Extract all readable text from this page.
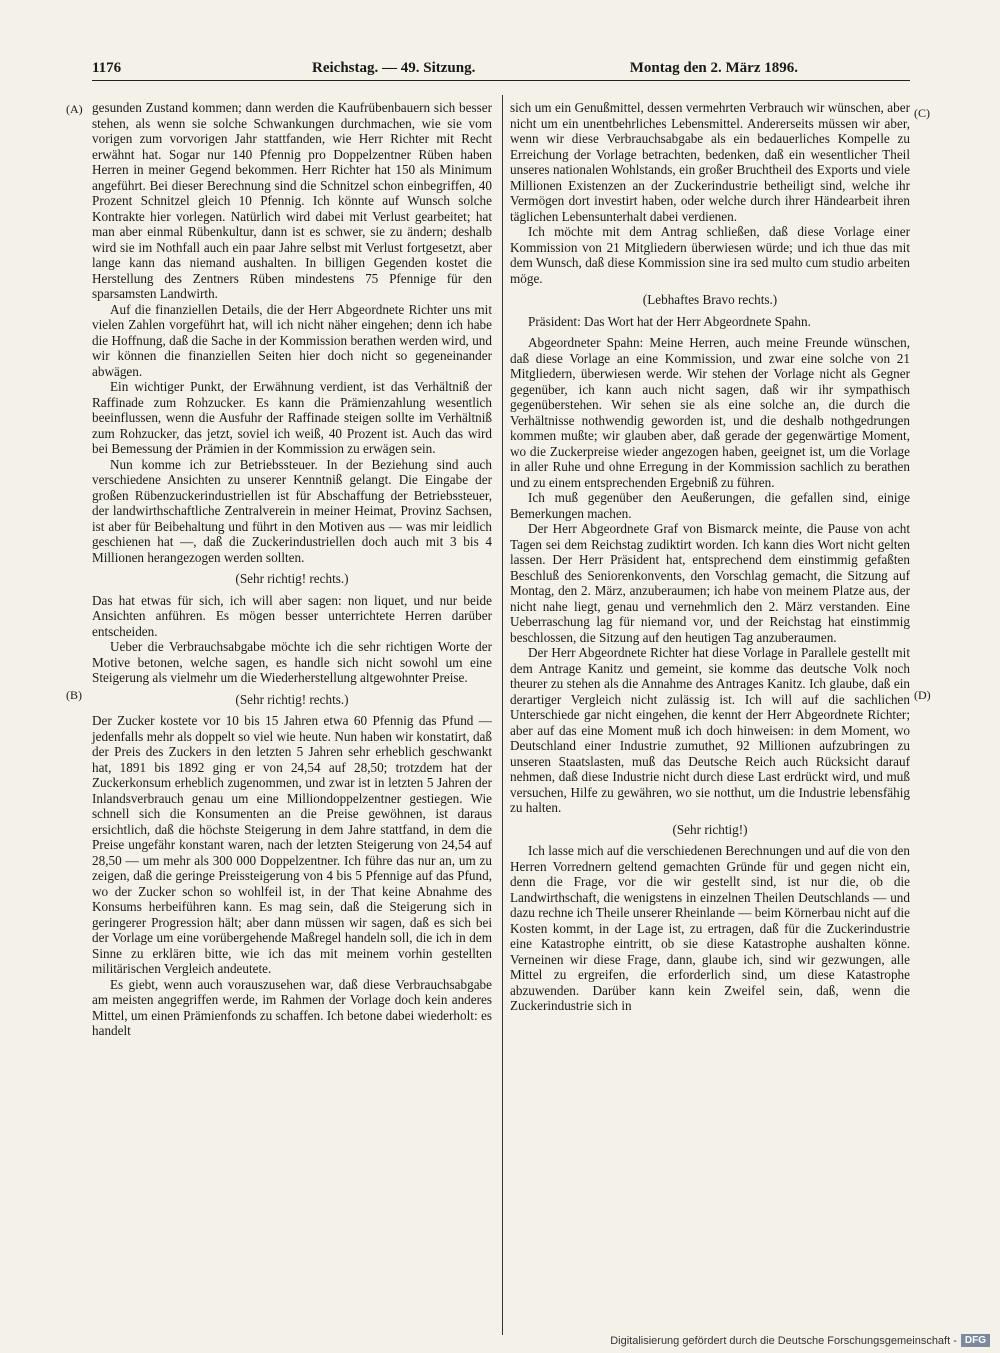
1176	Reichstag. — 49. Sitzung.	Montag den 2. März 1896.
(A)
(B)
(C)
(D)

gesunden Zustand kommen; dann werden die Kaufrübenbauern sich besser stehen, als wenn sie solche Schwankungen durchmachen, wie sie vom vorigen zum vorvorigen Jahr stattfanden, wie Herr Richter mit Recht erwähnt hat. Sogar nur 140 Pfennig pro Doppelzentner Rüben haben Herren in meiner Gegend bekommen. Herr Richter hat 150 als Minimum angeführt. Bei dieser Berechnung sind die Schnitzel schon einbegriffen, 40 Prozent Schnitzel gleich 10 Pfennig. Ich könnte auf Wunsch solche Kontrakte hier vorlegen. Natürlich wird dabei mit Verlust gearbeitet; hat man aber einmal Rübenkultur, dann ist es schwer, sie zu ändern; deshalb wird sie im Nothfall auch ein paar Jahre selbst mit Verlust fortgesetzt, aber lange kann das niemand aushalten. In billigen Gegenden kostet die Herstellung des Zentners Rüben mindestens 75 Pfennige für den sparsamsten Landwirth.

Auf die finanziellen Details, die der Herr Abgeordnete Richter uns mit vielen Zahlen vorgeführt hat, will ich nicht näher eingehen; denn ich habe die Hoffnung, daß die Sache in der Kommission berathen werden wird, und wir können die finanziellen Seiten hier doch nicht so gegeneinander abwägen.

Ein wichtiger Punkt, der Erwähnung verdient, ist das Verhältniß der Raffinade zum Rohzucker. Es kann die Prämienzahlung wesentlich beeinflussen, wenn die Ausfuhr der Raffinade steigen sollte im Verhältniß zum Rohzucker, das jetzt, soviel ich weiß, 40 Prozent ist. Auch das wird bei Bemessung der Prämien in der Kommission zu erwägen sein.

Nun komme ich zur Betriebssteuer. In der Beziehung sind auch verschiedene Ansichten zu unserer Kenntniß gelangt. Die Eingabe der großen Rübenzuckerindustriellen ist für Abschaffung der Betriebssteuer, der landwirthschaftliche Zentralverein in meiner Heimat, Provinz Sachsen, ist aber für Beibehaltung und führt in den Motiven aus — was mir leidlich geschienen hat —, daß die Zuckerindustriellen doch auch mit 3 bis 4 Millionen herangezogen werden sollten.

(Sehr richtig! rechts.)

Das hat etwas für sich, ich will aber sagen: non liquet, und nur beide Ansichten anführen. Es mögen besser unterrichtete Herren darüber entscheiden.

Ueber die Verbrauchsabgabe möchte ich die sehr richtigen Worte der Motive betonen, welche sagen, es handle sich nicht sowohl um eine Steigerung als vielmehr um die Wiederherstellung altgewohnter Preise.

(Sehr richtig! rechts.)

Der Zucker kostete vor 10 bis 15 Jahren etwa 60 Pfennig das Pfund — jedenfalls mehr als doppelt so viel wie heute. Nun haben wir konstatirt, daß der Preis des Zuckers in den letzten 5 Jahren sehr erheblich geschwankt hat, 1891 bis 1892 ging er von 24,54 auf 28,50; trotzdem hat der Zuckerkonsum erheblich zugenommen, und zwar ist in letzten 5 Jahren der Inlandsverbrauch genau um eine Milliondoppelzentner gestiegen. Wie schnell sich die Konsumenten an die Preise gewöhnen, ist daraus ersichtlich, daß die höchste Steigerung in dem Jahre stattfand, in dem die Preise ungefähr konstant waren, nach der letzten Steigerung von 24,54 auf 28,50 — um mehr als 300 000 Doppelzentner. Ich führe das nur an, um zu zeigen, daß die geringe Preissteigerung von 4 bis 5 Pfennige auf das Pfund, wo der Zucker schon so wohlfeil ist, in der That keine Abnahme des Konsums herbeiführen kann. Es mag sein, daß die Steigerung sich in geringerer Progression hält; aber dann müssen wir sagen, daß es sich bei der Vorlage um eine vorübergehende Maßregel handeln soll, die ich in dem Sinne zu erklären bitte, wie ich das mit meinem vorhin gestellten militärischen Vergleich andeutete.

Es giebt, wenn auch vorauszusehen war, daß diese Verbrauchsabgabe am meisten angegriffen werde, im Rahmen der Vorlage doch kein anderes Mittel, um einen Prämienfonds zu schaffen. Ich betone dabei wiederholt: es handelt

sich um ein Genußmittel, dessen vermehrten Verbrauch wir wünschen, aber nicht um ein unentbehrliches Lebensmittel. Andererseits müssen wir aber, wenn wir diese Verbrauchsabgabe als ein bedauerliches Kompelle zu Erreichung der Vorlage betrachten, bedenken, daß ein wesentlicher Theil unseres nationalen Wohlstands, ein großer Bruchtheil des Exports und viele Millionen Existenzen an der Zuckerindustrie betheiligt sind, welche ihr Vermögen dort investirt haben, oder welche durch ihrer Händearbeit ihren täglichen Lebensunterhalt dabei verdienen.

Ich möchte mit dem Antrag schließen, daß diese Vorlage einer Kommission von 21 Mitgliedern überwiesen würde; und ich thue das mit dem Wunsch, daß diese Kommission sine ira sed multo cum studio arbeiten möge.

(Lebhaftes Bravo rechts.)

Präsident: Das Wort hat der Herr Abgeordnete Spahn.

Abgeordneter Spahn: Meine Herren, auch meine Freunde wünschen, daß diese Vorlage an eine Kommission, und zwar eine solche von 21 Mitgliedern, überwiesen werde. Wir stehen der Vorlage nicht als Gegner gegenüber, ich kann auch nicht sagen, daß wir ihr sympathisch gegenüberstehen. Wir sehen sie als eine solche an, die durch die Verhältnisse nothwendig geworden ist, und die deshalb nothgedrungen kommen mußte; wir glauben aber, daß gerade der gegenwärtige Moment, wo die Zuckerpreise wieder angezogen haben, geeignet ist, um die Vorlage in aller Ruhe und ohne Erregung in der Kommission sachlich zu berathen und zu einem entsprechenden Ergebniß zu führen.

Ich muß gegenüber den Aeußerungen, die gefallen sind, einige Bemerkungen machen.

Der Herr Abgeordnete Graf von Bismarck meinte, die Pause von acht Tagen sei dem Reichstag zudiktirt worden. Ich kann dies Wort nicht gelten lassen. Der Herr Präsident hat, entsprechend dem einstimmig gefaßten Beschluß des Seniorenkonvents, den Vorschlag gemacht, die Sitzung auf Montag, den 2. März, anzuberaumen; ich habe von meinem Platze aus, der nicht nahe liegt, genau und vernehmlich den 2. März verstanden. Eine Ueberraschung lag für niemand vor, und der Reichstag hat einstimmig beschlossen, die Sitzung auf den heutigen Tag anzuberaumen.

Der Herr Abgeordnete Richter hat diese Vorlage in Parallele gestellt mit dem Antrage Kanitz und gemeint, sie komme das deutsche Volk noch theurer zu stehen als die Annahme des Antrages Kanitz. Ich glaube, daß ein derartiger Vergleich nicht zulässig ist. Ich will auf die sachlichen Unterschiede gar nicht eingehen, die kennt der Herr Abgeordnete Richter; aber auf das eine Moment muß ich doch hinweisen: in dem Moment, wo Deutschland einer Industrie zumuthet, 92 Millionen aufzubringen zu unseren Staatslasten, muß das Deutsche Reich auch Rücksicht darauf nehmen, daß diese Industrie nicht durch diese Last erdrückt wird, und muß versuchen, Hilfe zu gewähren, wo sie notthut, um die Industrie lebensfähig zu halten.

(Sehr richtig!)

Ich lasse mich auf die verschiedenen Berechnungen und auf die von den Herren Vorrednern geltend gemachten Gründe für und gegen nicht ein, denn die Frage, vor die wir gestellt sind, ist nur die, ob die Landwirthschaft, die wenigstens in einzelnen Theilen Deutschlands — und dazu rechne ich Theile unserer Rheinlande — beim Körnerbau nicht auf die Kosten kommt, in der Lage ist, zu ertragen, daß für die Zuckerindustrie eine Katastrophe eintritt, ob sie diese Katastrophe aushalten könne. Verneinen wir diese Frage, dann, glaube ich, sind wir gezwungen, alle Mittel zu ergreifen, die erforderlich sind, um diese Katastrophe abzuwenden. Darüber kann kein Zweifel sein, daß, wenn die Zuckerindustrie sich in

Digitalisierung gefördert durch die Deutsche Forschungsgemeinschaft - DFG
